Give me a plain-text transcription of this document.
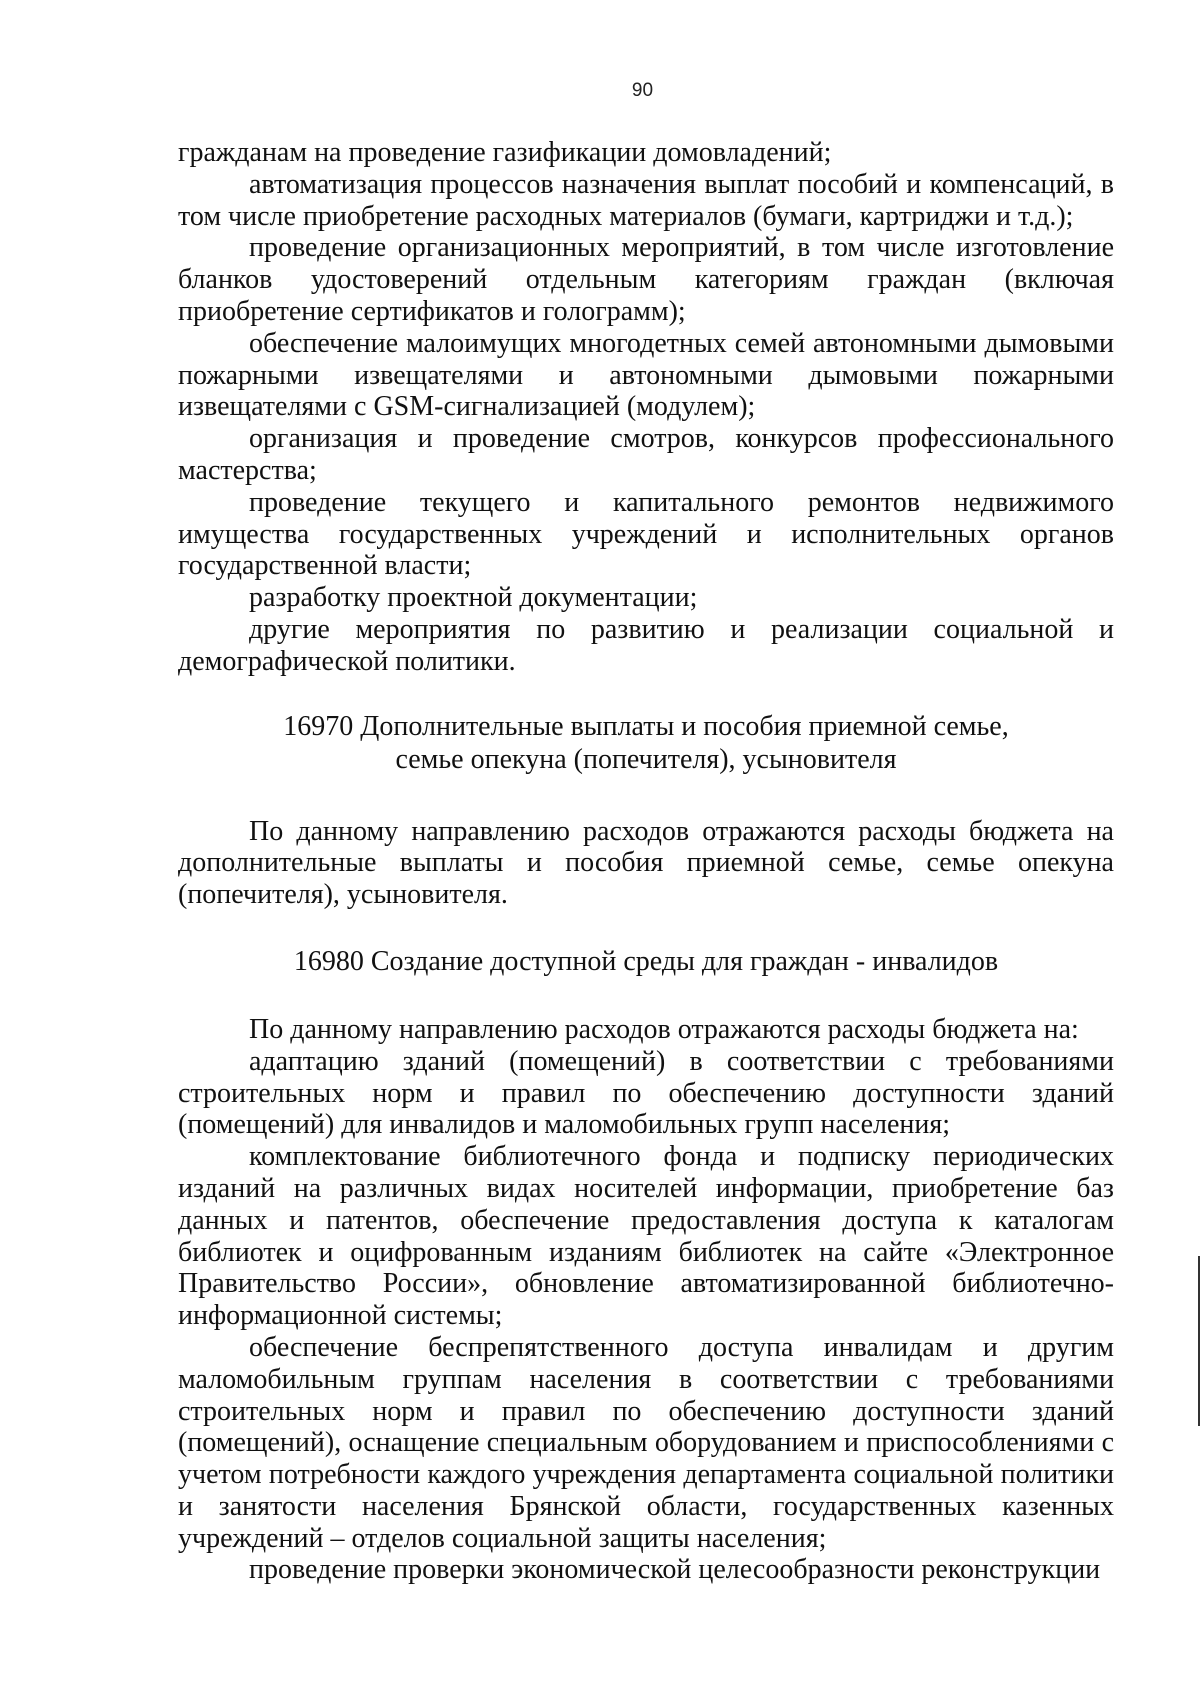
90

гражданам на проведение газификации домовладений;

автоматизация процессов назначения выплат пособий и компенсаций, в том числе приобретение расходных материалов (бумаги, картриджи и т.д.);

проведение организационных мероприятий, в том числе изготовление бланков удостоверений отдельным категориям граждан (включая приобретение сертификатов и голограмм);

обеспечение малоимущих многодетных семей автономными дымовыми пожарными извещателями и автономными дымовыми пожарными извещателями с GSM-сигнализацией (модулем);

организация и проведение смотров, конкурсов профессионального мастерства;

проведение текущего и капитального ремонтов недвижимого имущества государственных учреждений и исполнительных органов государственной власти;

разработку проектной документации;

другие мероприятия по развитию и реализации социальной и демографической политики.

16970 Дополнительные выплаты и пособия приемной семье,
семье опекуна (попечителя), усыновителя

По данному направлению расходов отражаются расходы бюджета на дополнительные выплаты и пособия приемной семье, семье опекуна (попечителя), усыновителя.

16980 Создание доступной среды для граждан - инвалидов

По данному направлению расходов отражаются расходы бюджета на:

адаптацию зданий (помещений) в соответствии с требованиями строительных норм и правил по обеспечению доступности зданий (помещений) для инвалидов и маломобильных групп населения;

комплектование библиотечного фонда и подписку периодических изданий на различных видах носителей информации, приобретение баз данных и патентов, обеспечение предоставления доступа к каталогам библиотек и оцифрованным изданиям библиотек на сайте «Электронное Правительство России», обновление автоматизированной библиотечно-информационной системы;

обеспечение беспрепятственного доступа инвалидам и другим маломобильным группам населения в соответствии с требованиями строительных норм и правил по обеспечению доступности зданий (помещений), оснащение специальным оборудованием и приспособлениями с учетом потребности каждого учреждения департамента социальной политики и занятости населения Брянской области, государственных казенных учреждений – отделов социальной защиты населения;

проведение проверки экономической целесообразности реконструкции
